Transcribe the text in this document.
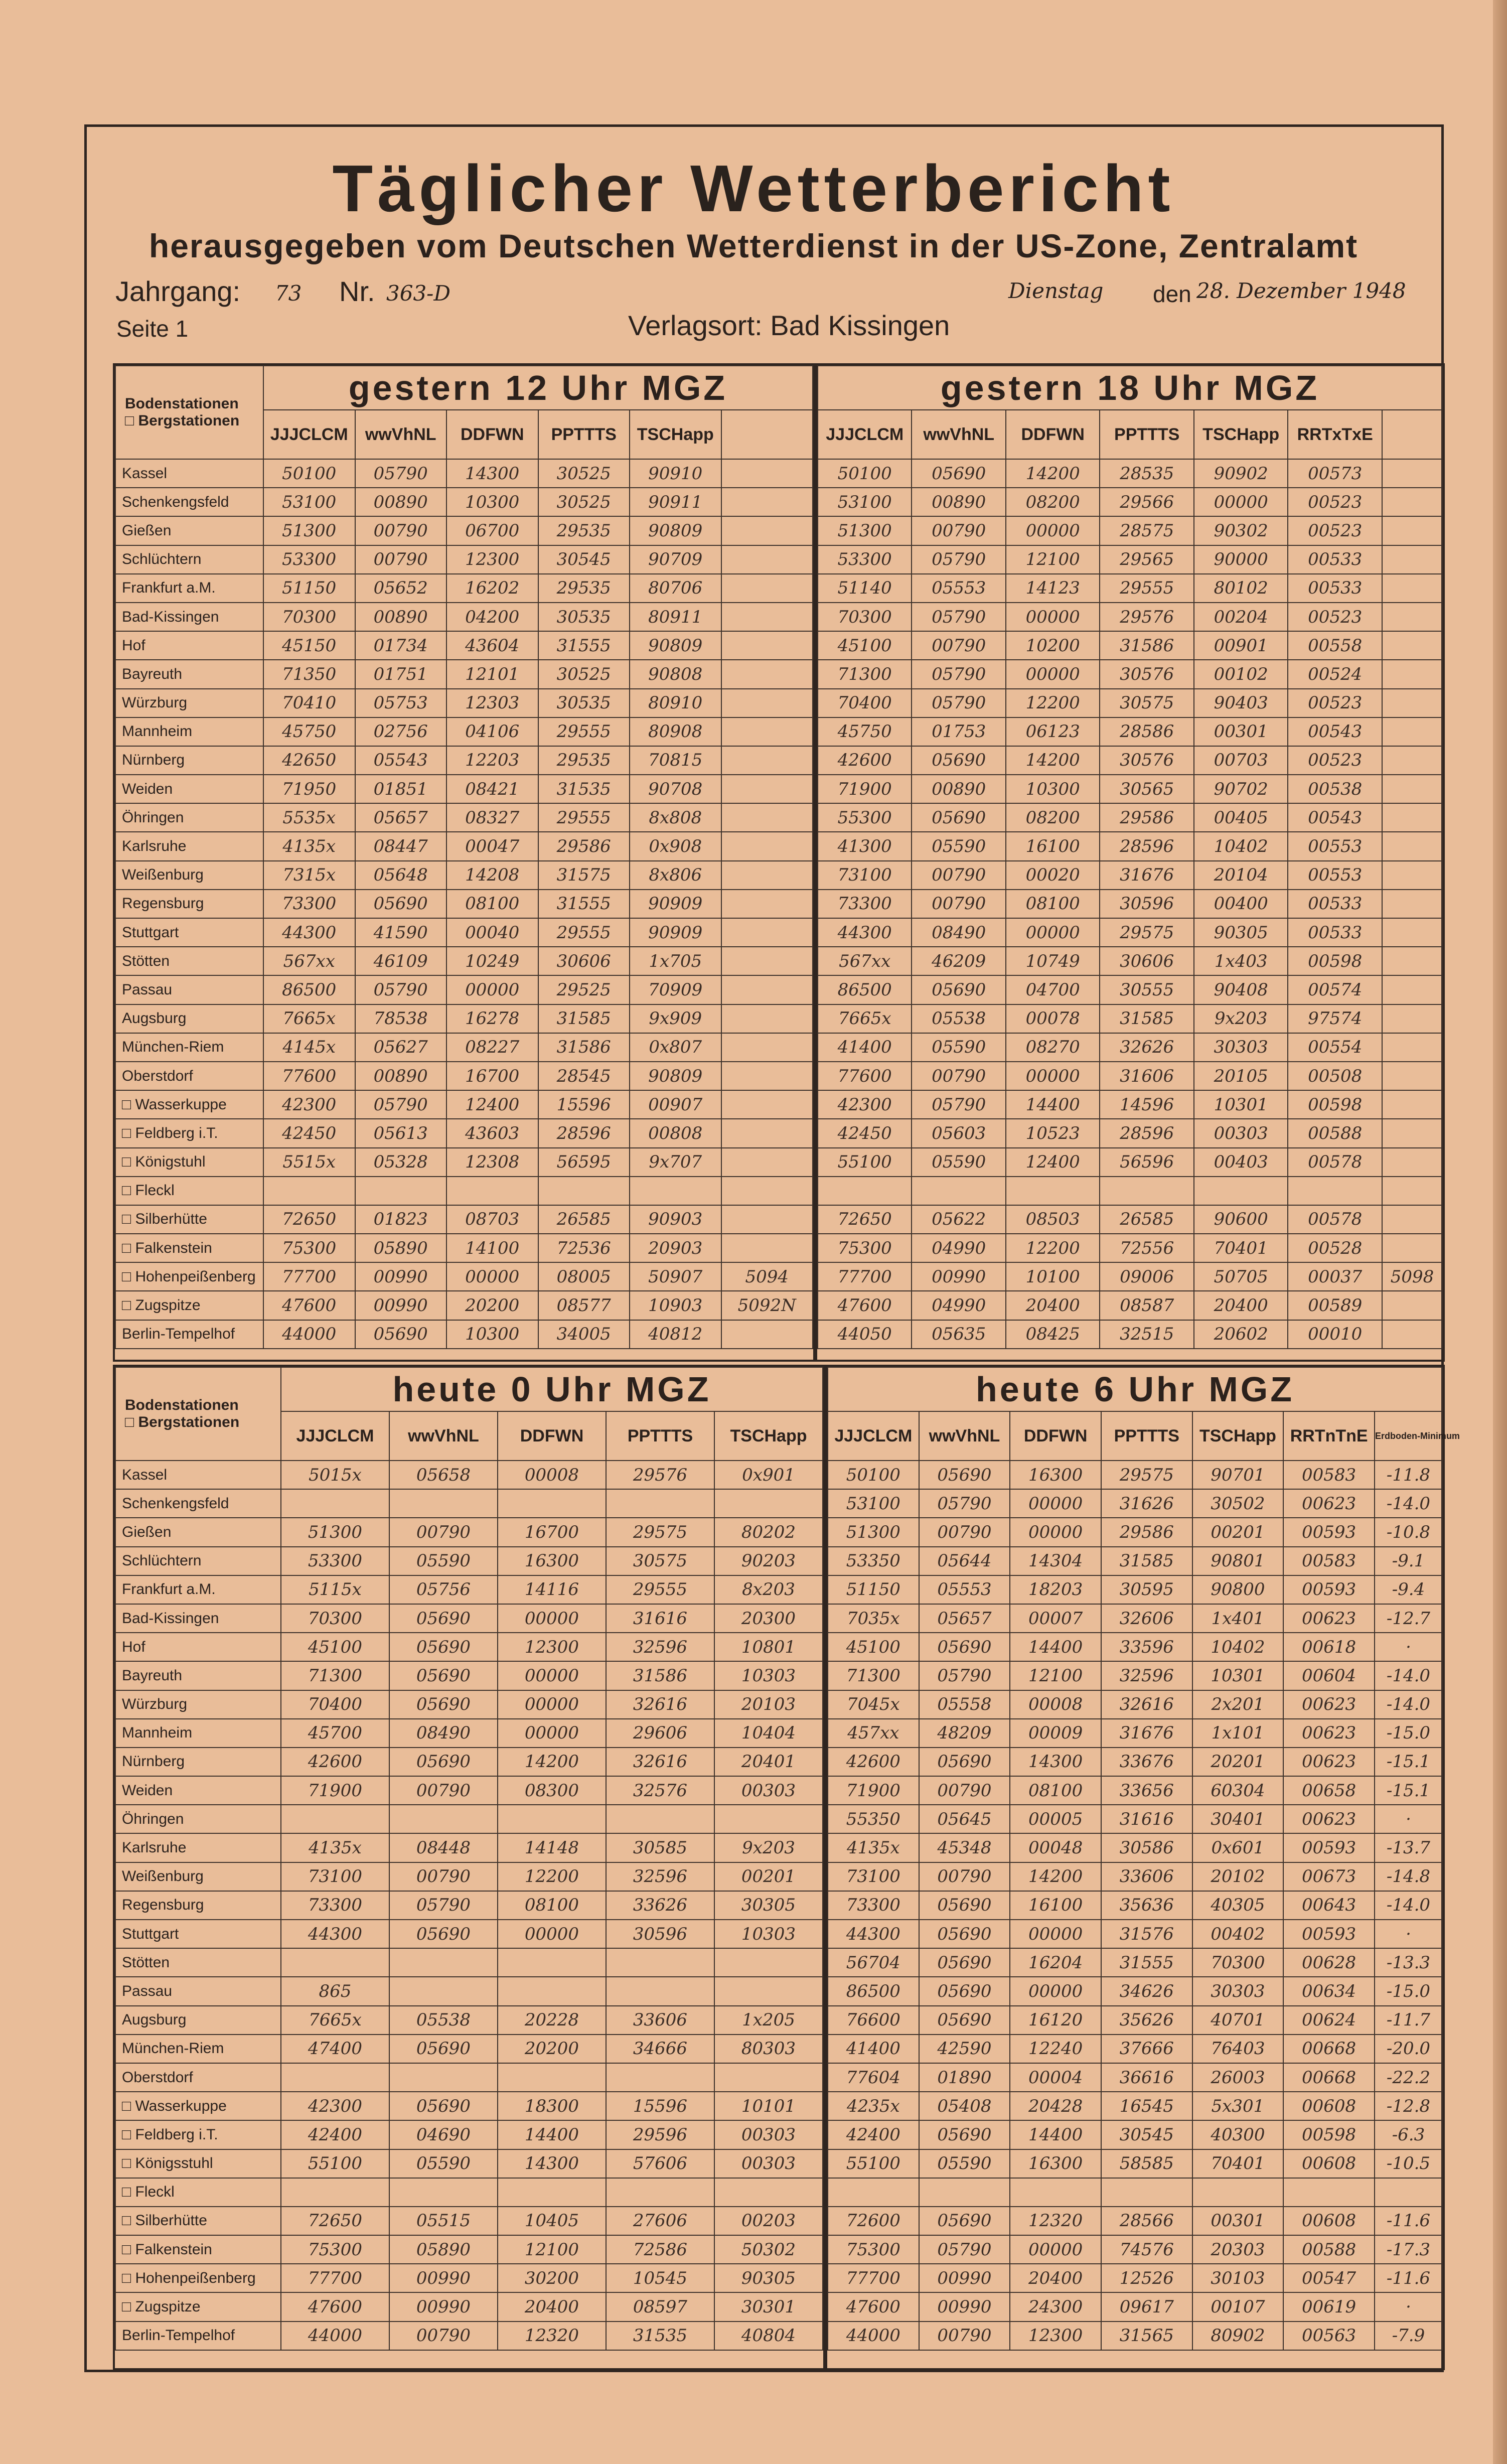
Täglicher Wetterbericht
herausgegeben vom Deutschen Wetterdienst in der US-Zone, Zentralamt
Jahrgang: 73 Nr. 363-D	Dienstag den 28. Dezember 1948
Seite 1	Verlagsort: Bad Kissingen
Bodenstationen
□ Bergstationen	gestern 12 Uhr MGZ					
	JJJCLCM	wwVhNL	DDFWN	PPTTTS	TSCHapp	
Kassel	50100	05790	14300	30525	90910	
Schenkengsfeld	53100	00890	10300	30525	90911	
Gießen	51300	00790	06700	29535	90809	
Schlüchtern	53300	00790	12300	30545	90709	
Frankfurt a.M.	51150	05652	16202	29535	80706	
Bad-Kissingen	70300	00890	04200	30535	80911	
Hof	45150	01734	43604	31555	90809	
Bayreuth	71350	01751	12101	30525	90808	
Würzburg	70410	05753	12303	30535	80910	
Mannheim	45750	02756	04106	29555	80908	
Nürnberg	42650	05543	12203	29535	70815	
Weiden	71950	01851	08421	31535	90708	
Öhringen	5535x	05657	08327	29555	8x808	
Karlsruhe	4135x	08447	00047	29586	0x908	
Weißenburg	7315x	05648	14208	31575	8x806	
Regensburg	73300	05690	08100	31555	90909	
Stuttgart	44300	41590	00040	29555	90909	
Stötten	567xx	46109	10249	30606	1x705	
Passau	86500	05790	00000	29525	70909	
Augsburg	7665x	78538	16278	31585	9x909	
München-Riem	4145x	05627	08227	31586	0x807	
Oberstdorf	77600	00890	16700	28545	90809	
□ Wasserkuppe	42300	05790	12400	15596	00907	
□ Feldberg i.T.	42450	05613	43603	28596	00808	
□ Königstuhl	5515x	05328	12308	56595	9x707	
□ Fleckl						
□ Silberhütte	72650	01823	08703	26585	90903	
□ Falkenstein	75300	05890	14100	72536	20903	
□ Hohenpeißenberg	77700	00990	00000	08005	50907	5094
□ Zugspitze	47600	00990	20200	08577	10903	5092N
Berlin-Tempelhof	44000	05690	10300	34005	40812	
gestern 18 Uhr MGZ						
JJJCLCM	wwVhNL	DDFWN	PPTTTS	TSCHapp	RRTxTxE	
50100	05690	14200	28535	90902	00573	
53100	00890	08200	29566	00000	00523	
51300	00790	00000	28575	90302	00523	
53300	05790	12100	29565	90000	00533	
51140	05553	14123	29555	80102	00533	
70300	05790	00000	29576	00204	00523	
45100	00790	10200	31586	00901	00558	
71300	05790	00000	30576	00102	00524	
70400	05790	12200	30575	90403	00523	
45750	01753	06123	28586	00301	00543	
42600	05690	14200	30576	00703	00523	
71900	00890	10300	30565	90702	00538	
55300	05690	08200	29586	00405	00543	
41300	05590	16100	28596	10402	00553	
73100	00790	00020	31676	20104	00553	
73300	00790	08100	30596	00400	00533	
44300	08490	00000	29575	90305	00533	
567xx	46209	10749	30606	1x403	00598	
86500	05690	04700	30555	90408	00574	
7665x	05538	00078	31585	9x203	97574	
41400	05590	08270	32626	30303	00554	
77600	00790	00000	31606	20105	00508	
42300	05790	14400	14596	10301	00598	
42450	05603	10523	28596	00303	00588	
55100	05590	12400	56596	00403	00578	

72650	05622	08503	26585	90600	00578	
75300	04990	12200	72556	70401	00528	
77700	00990	10100	09006	50705	00037	5098
47600	04990	20400	08587	20400	00589	
44050	05635	08425	32515	20602	00010	
Bodenstationen
□ Bergstationen	heute 0 Uhr MGZ				
	JJJCLCM	wwVhNL	DDFWN	PPTTTS	TSCHapp
Kassel	5015x	05658	00008	29576	0x901
Schenkengsfeld					
Gießen	51300	00790	16700	29575	80202
Schlüchtern	53300	05590	16300	30575	90203
Frankfurt a.M.	5115x	05756	14116	29555	8x203
Bad-Kissingen	70300	05690	00000	31616	20300
Hof	45100	05690	12300	32596	10801
Bayreuth	71300	05690	00000	31586	10303
Würzburg	70400	05690	00000	32616	20103
Mannheim	45700	08490	00000	29606	10404
Nürnberg	42600	05690	14200	32616	20401
Weiden	71900	00790	08300	32576	00303
Öhringen					
Karlsruhe	4135x	08448	14148	30585	9x203
Weißenburg	73100	00790	12200	32596	00201
Regensburg	73300	05790	08100	33626	30305
Stuttgart	44300	05690	00000	30596	10303
Stötten					
Passau	865				
Augsburg	7665x	05538	20228	33606	1x205
München-Riem	47400	05690	20200	34666	80303
Oberstdorf					
□ Wasserkuppe	42300	05690	18300	15596	10101
□ Feldberg i.T.	42400	04690	14400	29596	00303
□ Königsstuhl	55100	05590	14300	57606	00303
□ Fleckl					
□ Silberhütte	72650	05515	10405	27606	00203
□ Falkenstein	75300	05890	12100	72586	50302
□ Hohenpeißenberg	77700	00990	30200	10545	90305
□ Zugspitze	47600	00990	20400	08597	30301
Berlin-Tempelhof	44000	00790	12320	31535	40804
heute 6 Uhr MGZ						
JJJCLCM	wwVhNL	DDFWN	PPTTTS	TSCHapp	RRTnTnE	Erdboden-Minimum
50100	05690	16300	29575	90701	00583	-11.8
53100	05790	00000	31626	30502	00623	-14.0
51300	00790	00000	29586	00201	00593	-10.8
53350	05644	14304	31585	90801	00583	-9.1
51150	05553	18203	30595	90800	00593	-9.4
7035x	05657	00007	32606	1x401	00623	-12.7
45100	05690	14400	33596	10402	00618	·
71300	05790	12100	32596	10301	00604	-14.0
7045x	05558	00008	32616	2x201	00623	-14.0
457xx	48209	00009	31676	1x101	00623	-15.0
42600	05690	14300	33676	20201	00623	-15.1
71900	00790	08100	33656	60304	00658	-15.1
55350	05645	00005	31616	30401	00623	·
4135x	45348	00048	30586	0x601	00593	-13.7
73100	00790	14200	33606	20102	00673	-14.8
73300	05690	16100	35636	40305	00643	-14.0
44300	05690	00000	31576	00402	00593	·
56704	05690	16204	31555	70300	00628	-13.3
86500	05690	00000	34626	30303	00634	-15.0
76600	05690	16120	35626	40701	00624	-11.7
41400	42590	12240	37666	76403	00668	-20.0
77604	01890	00004	36616	26003	00668	-22.2
4235x	05408	20428	16545	5x301	00608	-12.8
42400	05690	14400	30545	40300	00598	-6.3
55100	05590	16300	58585	70401	00608	-10.5

72600	05690	12320	28566	00301	00608	-11.6
75300	05790	00000	74576	20303	00588	-17.3
77700	00990	20400	12526	30103	00547	-11.6
47600	00990	24300	09617	00107	00619	·
44000	00790	12300	31565	80902	00563	-7.9
